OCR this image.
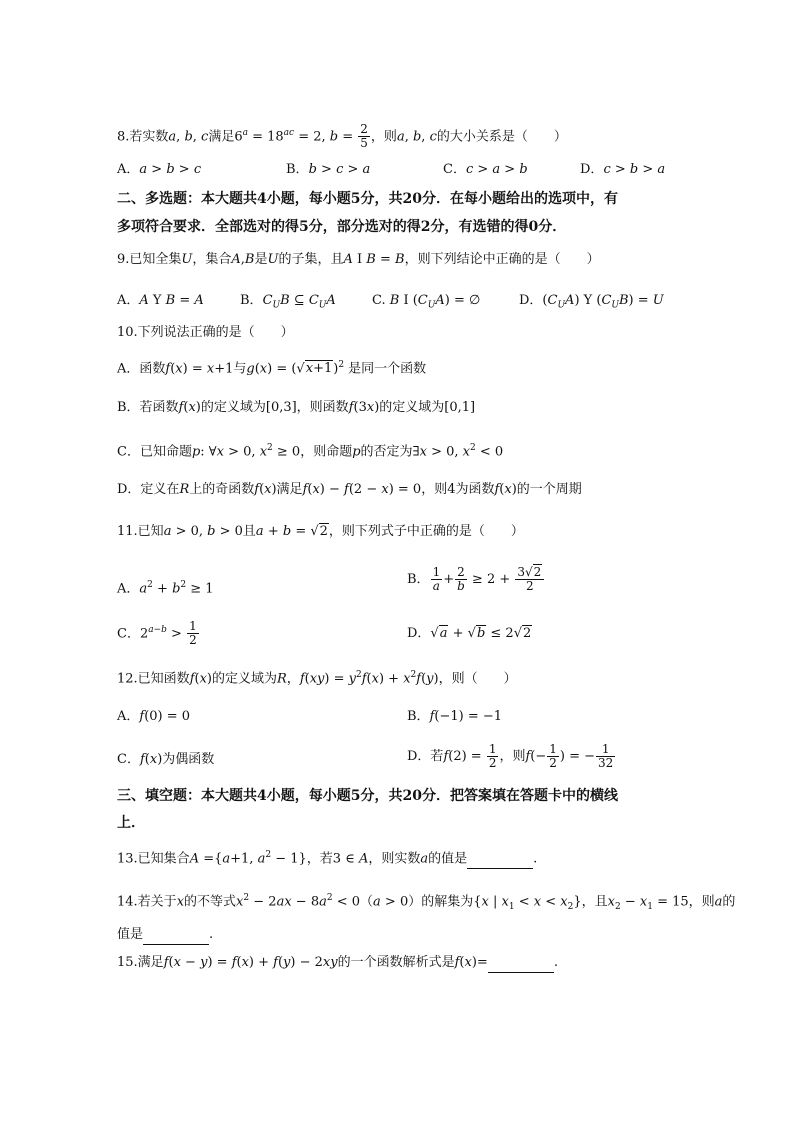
8.若实数a, b, c满足$6^a = 18^{ac} = 2$, $b = \frac{2}{5}$ ，则a, b, c的大小关系是（　　）
A．a > b > c	B．b > c > a	C．c > a > b	D．c > b > a
二、多选题：本大题共4小题，每小题5分，共20分．在每小题给出的选项中，有
多项符合要求．全部选对的得5分，部分选对的得2分，有选错的得0分．
9.已知全集U，集合A,B是U的子集，且A I B = B，则下列结论中正确的是（　　）
A．A Y B = A	B．$C_UB$ ⊆ $C_UA$	C. B I $(C_UA)$ = ∅	D．$(C_UA)$ Y $(C_UB) = U$
10.下列说法正确的是（　　）
A．函数f(x) = x+1与$g(x) = (√x+1)^2$ 是同一个函数
B．若函数f(x)的定义域为[0,3]，则函数f(3x)的定义域为[0,1]
C．已知命题p: ∀x > 0, $x^2 \ge 0$，则命题p的否定为∃x > 0, $x^2 < 0$
D．定义在R上的奇函数f(x)满足f(x) − f(2 − x) = 0，则4为函数f(x)的一个周期
11.已知a > 0, b > 0且a + b = √2，则下列式子中正确的是（　　）
A．$a^2 + b^2 \ge 1$
B． $\frac{1}{a} + \frac{2}{b} \ge 2 + \frac{3√2}{2}$
C．$2^{a-b} > \frac{1}{2}$	D．√a + √b ≤ 2√2
12.已知函数f(x)的定义域为R，$f(xy) = y^2f(x) + x^2f(y)$，则（　　）
A．f(0) = 0	B．f(−1) = −1
C．f(x)为偶函数	D．若$f(2) = \frac{1}{2}$ ，则$f(- \frac{1}{2}$ ) = − $\frac{1}{32}$
三、填空题：本大题共4小题，每小题5分，共20分．把答案填在答题卡中的横线
上．
13.已知集合A ={a+1, $a^2 - 1$}，若3 ∈ A，则实数a的值是	.
14.若关于x的不等式$x^2 - 2ax - 8a^2 < 0(a > 0)$的解集为{x | $x_1 < x < x_2$}，且$x_2 - x_1 = 15$，则a的
值是	.
15.满足f(x − y) = f(x) + f(y) − 2xy的一个函数解析式是f(x)=	.
